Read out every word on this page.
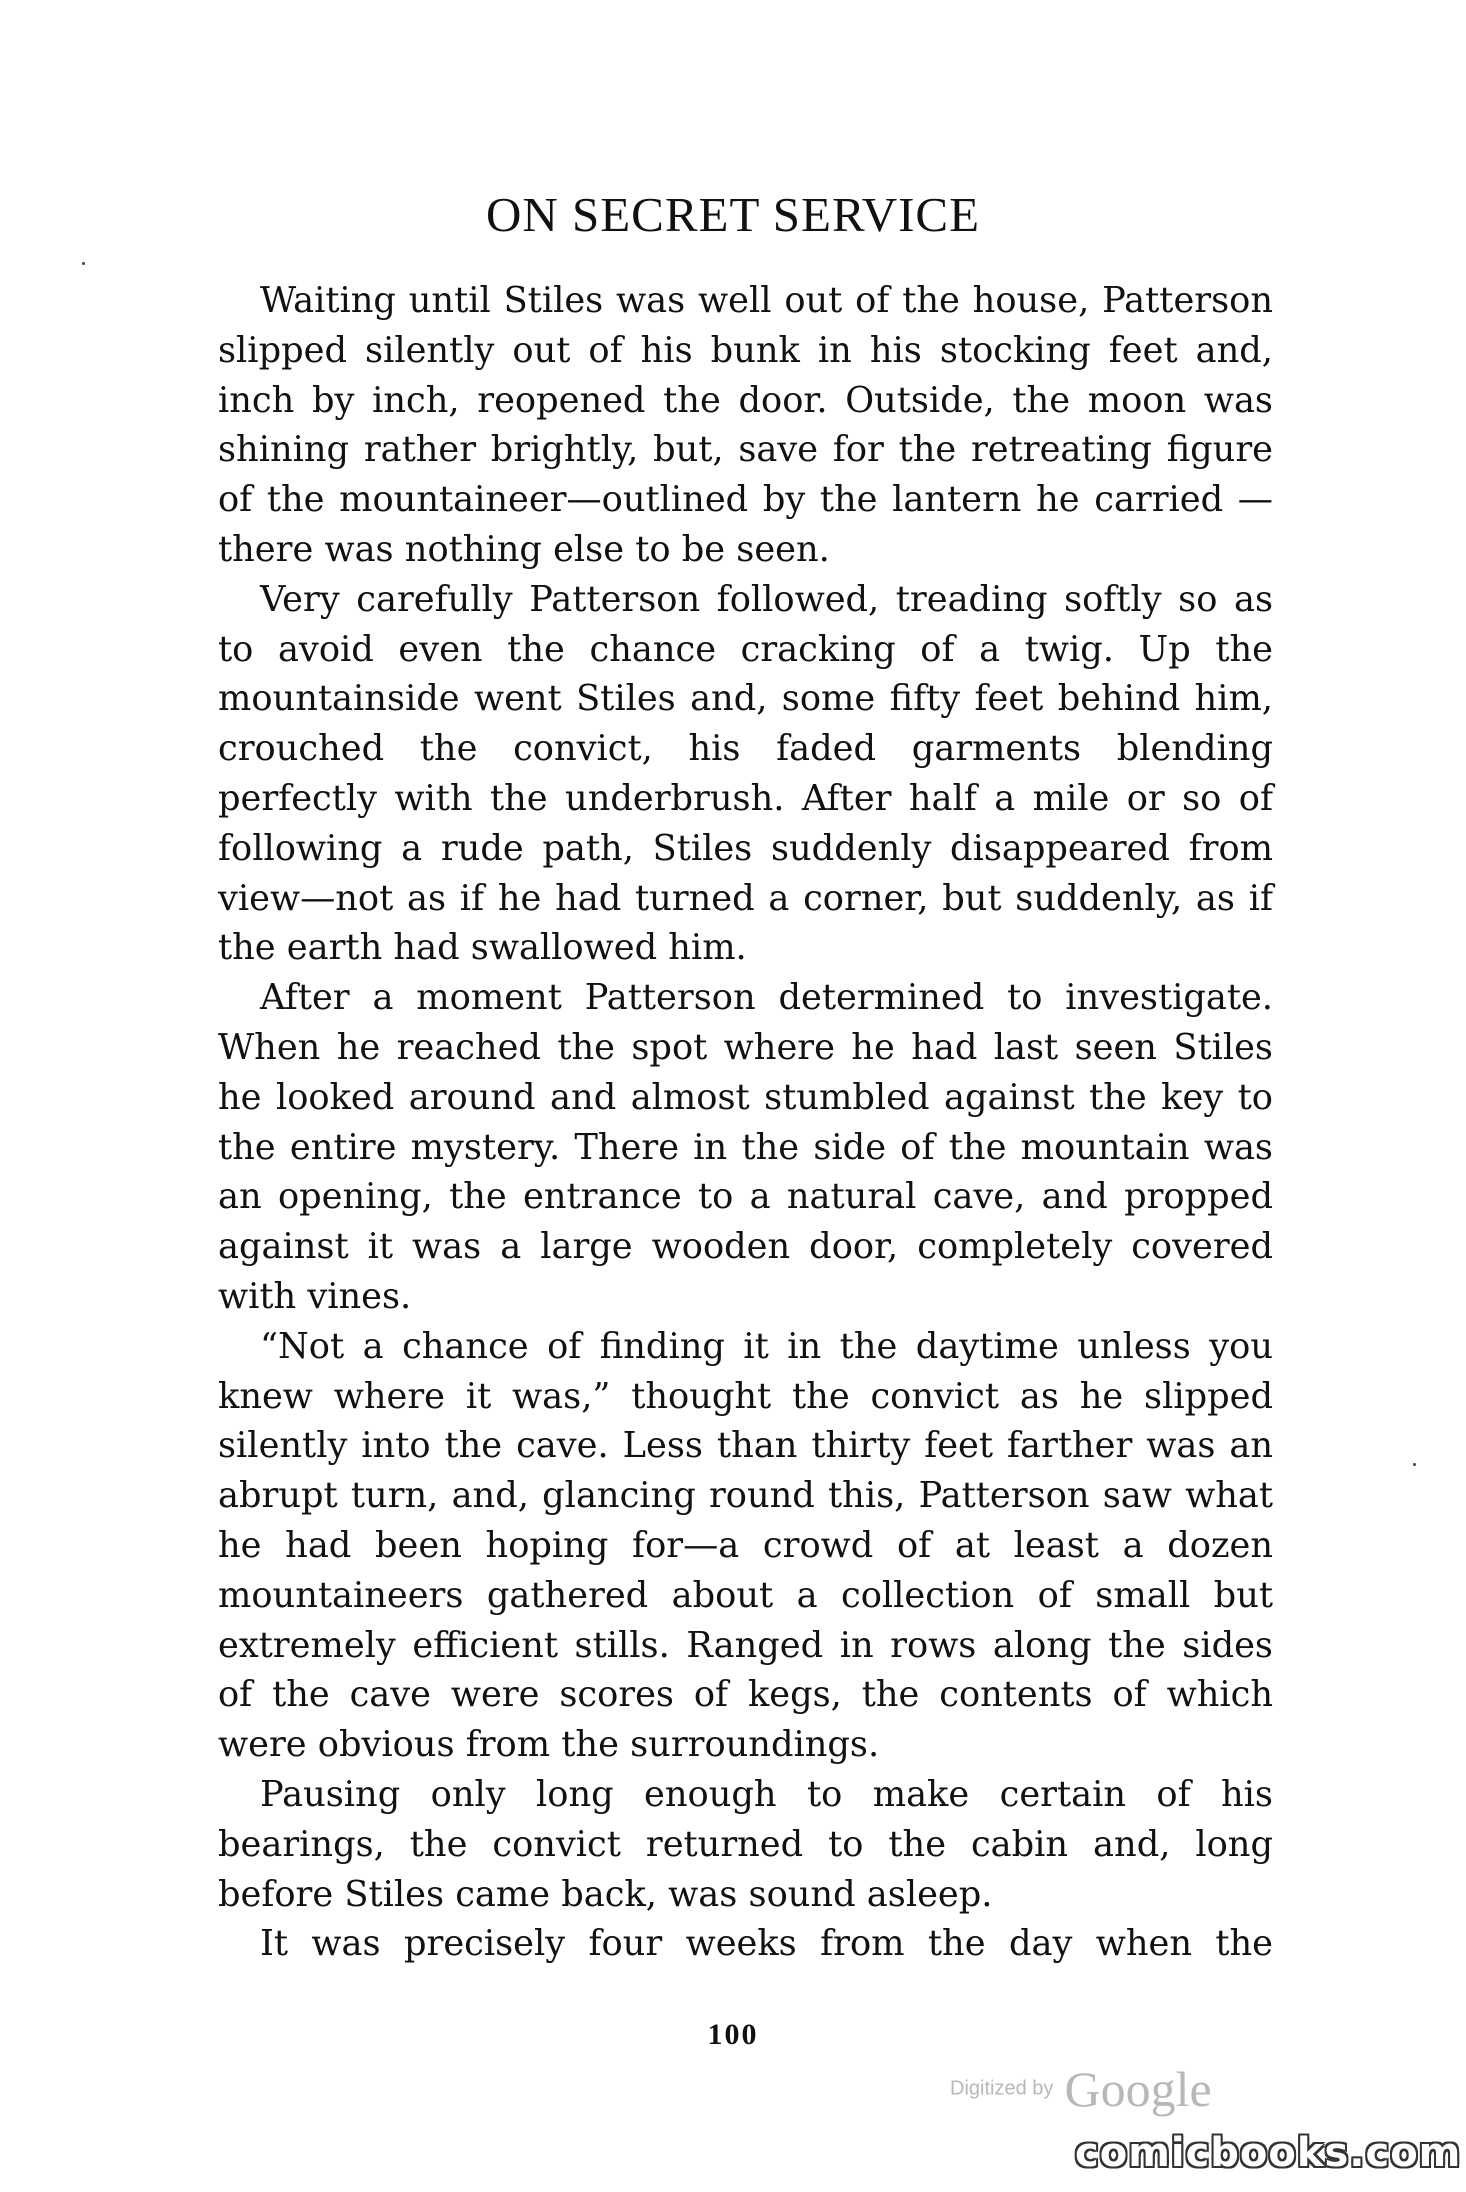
ON SECRET SERVICE

Waiting until Stiles was well out of the house, Patterson slipped silently out of his bunk in his stocking feet and, inch by inch, reopened the door. Outside, the moon was shining rather brightly, but, save for the retreating figure of the mountaineer—outlined by the lantern he carried —there was nothing else to be seen.

Very carefully Patterson followed, treading softly so as to avoid even the chance cracking of a twig. Up the mountainside went Stiles and, some fifty feet behind him, crouched the convict, his faded garments blending perfectly with the underbrush. After half a mile or so of following a rude path, Stiles suddenly disappeared from view—not as if he had turned a corner, but suddenly, as if the earth had swallowed him.

After a moment Patterson determined to investigate. When he reached the spot where he had last seen Stiles he looked around and almost stumbled against the key to the entire mystery. There in the side of the mountain was an opening, the entrance to a natural cave, and propped against it was a large wooden door, completely covered with vines.

“Not a chance of finding it in the daytime unless you knew where it was,” thought the convict as he slipped silently into the cave. Less than thirty feet farther was an abrupt turn, and, glancing round this, Patterson saw what he had been hoping for—a crowd of at least a dozen mountaineers gathered about a collection of small but extremely efficient stills. Ranged in rows along the sides of the cave were scores of kegs, the contents of which were obvious from the surroundings.

Pausing only long enough to make certain of his bearings, the convict returned to the cabin and, long before Stiles came back, was sound asleep.

It was precisely four weeks from the day when the

100
Digitized by Google
comicbooks.com
